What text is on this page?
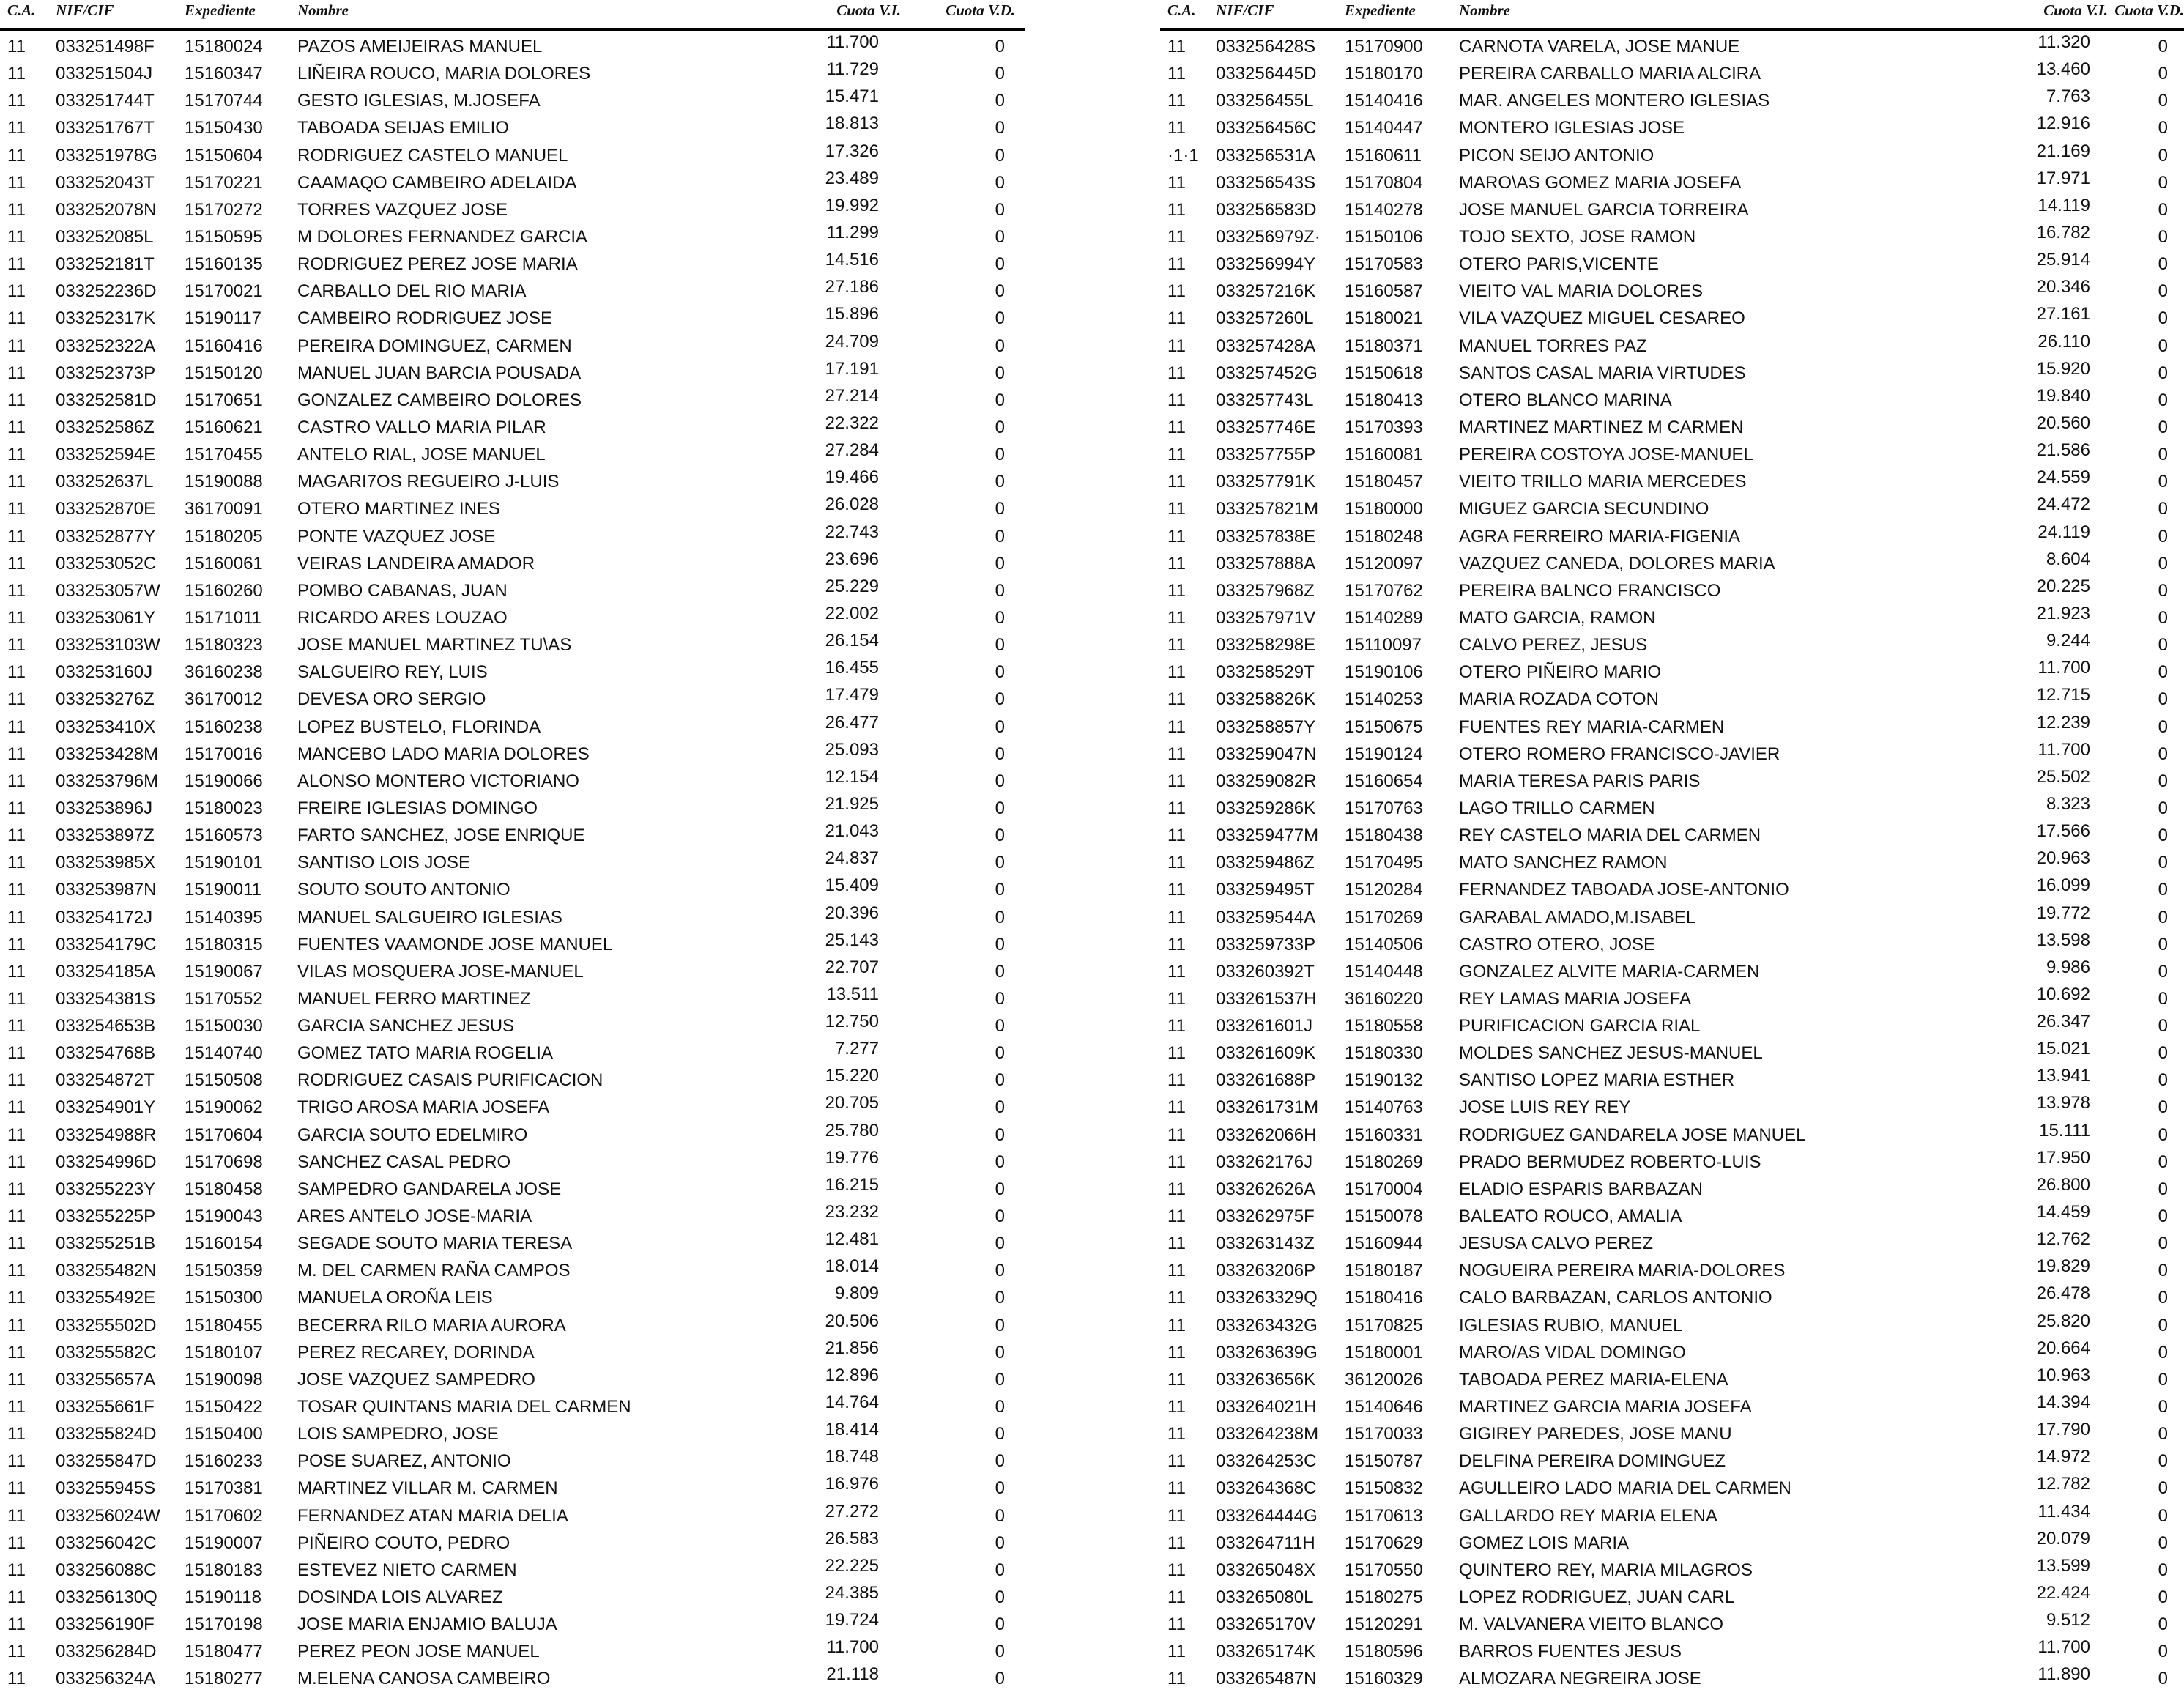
C.A. NIF/CIF	Expediente	Nombre	Cuota V.I.	Cuota V.D.
11 033251498F 15180024 PAZOS AMEIJEIRAS MANUEL	11.700	0
11 033251504J 15160347 LIÑEIRA ROUCO, MARIA DOLORES	11.729	0
11 033251744T 15170744 GESTO IGLESIAS, M.JOSEFA	15.471	0
11 033251767T 15150430 TABOADA SEIJAS EMILIO	18.813	0
11 033251978G 15150604 RODRIGUEZ CASTELO MANUEL	17.326	0
11 033252043T 15170221 CAAMAQO CAMBEIRO ADELAIDA	23.489	0
11 033252078N 15170272 TORRES VAZQUEZ JOSE	19.992	0
11 033252085L 15150595 M DOLORES FERNANDEZ GARCIA	11.299	0
11 033252181T 15160135 RODRIGUEZ PEREZ JOSE MARIA	14.516	0
11 033252236D 15170021 CARBALLO DEL RIO MARIA	27.186	0
11 033252317K 15190117 CAMBEIRO RODRIGUEZ JOSE	15.896	0
11 033252322A 15160416 PEREIRA DOMINGUEZ, CARMEN	24.709	0
11 033252373P 15150120 MANUEL JUAN BARCIA POUSADA	17.191	0
11 033252581D 15170651 GONZALEZ CAMBEIRO DOLORES	27.214	0
11 033252586Z 15160621 CASTRO VALLO MARIA PILAR	22.322	0
11 033252594E 15170455 ANTELO RIAL, JOSE MANUEL	27.284	0
11 033252637L 15190088 MAGARI7OS REGUEIRO J-LUIS	19.466	0
11 033252870E 36170091 OTERO MARTINEZ INES	26.028	0
11 033252877Y 15180205 PONTE VAZQUEZ JOSE	22.743	0
11 033253052C 15160061 VEIRAS LANDEIRA AMADOR	23.696	0
11 033253057W 15160260 POMBO CABANAS, JUAN	25.229	0
11 033253061Y 15171011 RICARDO ARES LOUZAO	22.002	0
11 033253103W 15180323 JOSE MANUEL MARTINEZ TU\AS	26.154	0
11 033253160J 36160238 SALGUEIRO REY, LUIS	16.455	0
11 033253276Z 36170012 DEVESA ORO SERGIO	17.479	0
11 033253410X 15160238 LOPEZ BUSTELO, FLORINDA	26.477	0
11 033253428M 15170016 MANCEBO LADO MARIA DOLORES	25.093	0
11 033253796M 15190066 ALONSO MONTERO VICTORIANO	12.154	0
11 033253896J 15180023 FREIRE IGLESIAS DOMINGO	21.925	0
11 033253897Z 15160573 FARTO SANCHEZ, JOSE ENRIQUE	21.043	0
11 033253985X 15190101 SANTISO LOIS JOSE	24.837	0
11 033253987N 15190011 SOUTO SOUTO ANTONIO	15.409	0
11 033254172J 15140395 MANUEL SALGUEIRO IGLESIAS	20.396	0
11 033254179C 15180315 FUENTES VAAMONDE JOSE MANUEL	25.143	0
11 033254185A 15190067 VILAS MOSQUERA JOSE-MANUEL	22.707	0
11 033254381S 15170552 MANUEL FERRO MARTINEZ	13.511	0
11 033254653B 15150030 GARCIA SANCHEZ JESUS	12.750	0
11 033254768B 15140740 GOMEZ TATO MARIA ROGELIA	7.277	0
11 033254872T 15150508 RODRIGUEZ CASAIS PURIFICACION	15.220	0
11 033254901Y 15190062 TRIGO AROSA MARIA JOSEFA	20.705	0
11 033254988R 15170604 GARCIA SOUTO EDELMIRO	25.780	0
11 033254996D 15170698 SANCHEZ CASAL PEDRO	19.776	0
11 033255223Y 15180458 SAMPEDRO GANDARELA JOSE	16.215	0
11 033255225P 15190043 ARES ANTELO JOSE-MARIA	23.232	0
11 033255251B 15160154 SEGADE SOUTO MARIA TERESA	12.481	0
11 033255482N 15150359 M. DEL CARMEN RAÑA CAMPOS	18.014	0
11 033255492E 15150300 MANUELA OROÑA LEIS	9.809	0
11 033255502D 15180455 BECERRA RILO MARIA AURORA	20.506	0
11 033255582C 15180107 PEREZ RECAREY, DORINDA	21.856	0
11 033255657A 15190098 JOSE VAZQUEZ SAMPEDRO	12.896	0
11 033255661F 15150422 TOSAR QUINTANS MARIA DEL CARMEN	14.764	0
11 033255824D 15150400 LOIS SAMPEDRO, JOSE	18.414	0
11 033255847D 15160233 POSE SUAREZ, ANTONIO	18.748	0
11 033255945S 15170381 MARTINEZ VILLAR M. CARMEN	16.976	0
11 033256024W 15170602 FERNANDEZ ATAN MARIA DELIA	27.272	0
11 033256042C 15190007 PIÑEIRO COUTO, PEDRO	26.583	0
11 033256088C 15180183 ESTEVEZ NIETO CARMEN	22.225	0
11 033256130Q 15190118 DOSINDA LOIS ALVAREZ	24.385	0
11 033256190F 15170198 JOSE MARIA ENJAMIO BALUJA	19.724	0
11 033256284D 15180477 PEREZ PEON JOSE MANUEL	11.700	0
11 033256324A 15180277 M.ELENA CANOSA CAMBEIRO	21.118	0
C.A. NIF/CIF	Expediente	Nombre	Cuota V.I. Cuota V.D.
11 033256428S 15170900 CARNOTA VARELA, JOSE MANUE	11.320	0
11 033256445D 15180170 PEREIRA CARBALLO MARIA ALCIRA	13.460	0
11 033256455L 15140416 MAR. ANGELES MONTERO IGLESIAS	7.763	0
11 033256456C 15140447 MONTERO IGLESIAS JOSE	12.916	0
·1·1 033256531A 15160611 PICON SEIJO ANTONIO	21.169	0
11 033256543S 15170804 MARO\AS GOMEZ MARIA JOSEFA	17.971	0
11 033256583D 15140278 JOSE MANUEL GARCIA TORREIRA	14.119	0
11 033256979Z· 15150106 TOJO SEXTO, JOSE RAMON	16.782	0
11 033256994Y 15170583 OTERO PARIS,VICENTE	25.914	0
11 033257216K 15160587 VIEITO VAL MARIA DOLORES	20.346	0
11 033257260L 15180021 VILA VAZQUEZ MIGUEL CESAREO	27.161	0
11 033257428A 15180371 MANUEL TORRES PAZ	26.110	0
11 033257452G 15150618 SANTOS CASAL MARIA VIRTUDES	15.920	0
11 033257743L 15180413 OTERO BLANCO MARINA	19.840	0
11 033257746E 15170393 MARTINEZ MARTINEZ M CARMEN	20.560	0
11 033257755P 15160081 PEREIRA COSTOYA JOSE-MANUEL	21.586	0
11 033257791K 15180457 VIEITO TRILLO MARIA MERCEDES	24.559	0
11 033257821M 15180000 MIGUEZ GARCIA SECUNDINO	24.472	0
11 033257838E 15180248 AGRA FERREIRO MARIA-FIGENIA	24.119	0
11 033257888A 15120097 VAZQUEZ CANEDA, DOLORES MARIA	8.604	0
11 033257968Z 15170762 PEREIRA BALNCO FRANCISCO	20.225	0
11 033257971V 15140289 MATO GARCIA, RAMON	21.923	0
11 033258298E 15110097 CALVO PEREZ, JESUS	9.244	0
11 033258529T 15190106 OTERO PIÑEIRO MARIO	11.700	0
11 033258826K 15140253 MARIA ROZADA COTON	12.715	0
11 033258857Y 15150675 FUENTES REY MARIA-CARMEN	12.239	0
11 033259047N 15190124 OTERO ROMERO FRANCISCO-JAVIER	11.700	0
11 033259082R 15160654 MARIA TERESA PARIS PARIS	25.502	0
11 033259286K 15170763 LAGO TRILLO CARMEN	8.323	0
11 033259477M 15180438 REY CASTELO MARIA DEL CARMEN	17.566	0
11 033259486Z 15170495 MATO SANCHEZ RAMON	20.963	0
11 033259495T 15120284 FERNANDEZ TABOADA JOSE-ANTONIO	16.099	0
11 033259544A 15170269 GARABAL AMADO,M.ISABEL	19.772	0
11 033259733P 15140506 CASTRO OTERO, JOSE	13.598	0
11 033260392T 15140448 GONZALEZ ALVITE MARIA-CARMEN	9.986	0
11 033261537H 36160220 REY LAMAS MARIA JOSEFA	10.692	0
11 033261601J 15180558 PURIFICACION GARCIA RIAL	26.347	0
11 033261609K 15180330 MOLDES SANCHEZ JESUS-MANUEL	15.021	0
11 033261688P 15190132 SANTISO LOPEZ MARIA ESTHER	13.941	0
11 033261731M 15140763 JOSE LUIS REY REY	13.978	0
11 033262066H 15160331 RODRIGUEZ GANDARELA JOSE MANUEL	15.111	0
11 033262176J 15180269 PRADO BERMUDEZ ROBERTO-LUIS	17.950	0
11 033262626A 15170004 ELADIO ESPARIS BARBAZAN	26.800	0
11 033262975F 15150078 BALEATO ROUCO, AMALIA	14.459	0
11 033263143Z 15160944 JESUSA CALVO PEREZ	12.762	0
11 033263206P 15180187 NOGUEIRA PEREIRA MARIA-DOLORES	19.829	0
11 033263329Q 15180416 CALO BARBAZAN, CARLOS ANTONIO	26.478	0
11 033263432G 15170825 IGLESIAS RUBIO, MANUEL	25.820	0
11 033263639G 15180001 MARO/AS VIDAL DOMINGO	20.664	0
11 033263656K 36120026 TABOADA PEREZ MARIA-ELENA	10.963	0
11 033264021H 15140646 MARTINEZ GARCIA MARIA JOSEFA	14.394	0
11 033264238M 15170033 GIGIREY PAREDES, JOSE MANU	17.790	0
11 033264253C 15150787 DELFINA PEREIRA DOMINGUEZ	14.972	0
11 033264368C 15150832 AGULLEIRO LADO MARIA DEL CARMEN	12.782	0
11 033264444G 15170613 GALLARDO REY MARIA ELENA	11.434	0
11 033264711H 15170629 GOMEZ LOIS MARIA	20.079	0
11 033265048X 15170550 QUINTERO REY, MARIA MILAGROS	13.599	0
11 033265080L 15180275 LOPEZ RODRIGUEZ, JUAN CARL	22.424	0
11 033265170V 15120291 M. VALVANERA VIEITO BLANCO	9.512	0
11 033265174K 15180596 BARROS FUENTES JESUS	11.700	0
11 033265487N 15160329 ALMOZARA NEGREIRA JOSE	11.890	0
